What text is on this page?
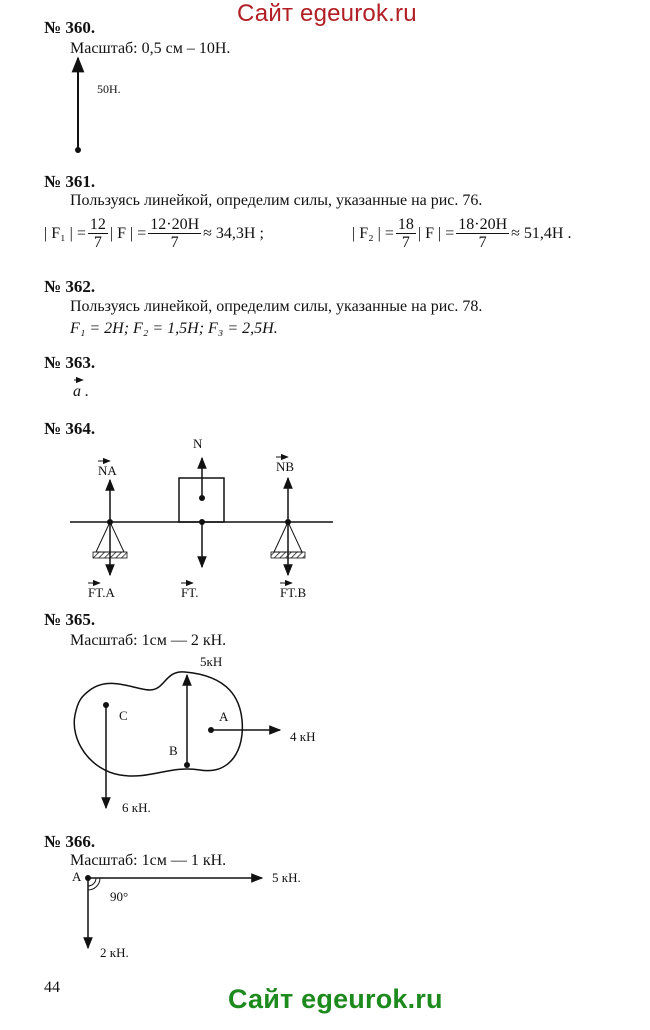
Сайт egeurok.ru
№ 360.
Масштаб: 0,5 см – 10Н.
50Н.
№ 361.
Пользуясь линейкой, определим силы, указанные на рис. 76.
| F₁ | = $\frac{12}{7}$ | F | = $\frac{12\cdot 20Н}{7} \approx 34,3Н$ ;	| F₂ | = $\frac{18}{7}$ | F | = $\frac{18\cdot 20Н}{7} \approx 51,4Н$ .
№ 362.
Пользуясь линейкой, определим силы, указанные на рис. 78.
F₁ = 2Н; F₂ = 1,5Н; F₃ = 2,5Н.
№ 363.
a .
№ 364.
N
NA	NB
FT.A	FT.	FT.B
№ 365.
Масштаб: 1см — 2 кН.
5кН
4 кН
6 кН.
A
B
C
№ 366.
Масштаб: 1см — 1 кН.
A
90°
5 кН.
2 кН.
44	Сайт egeurok.ru
